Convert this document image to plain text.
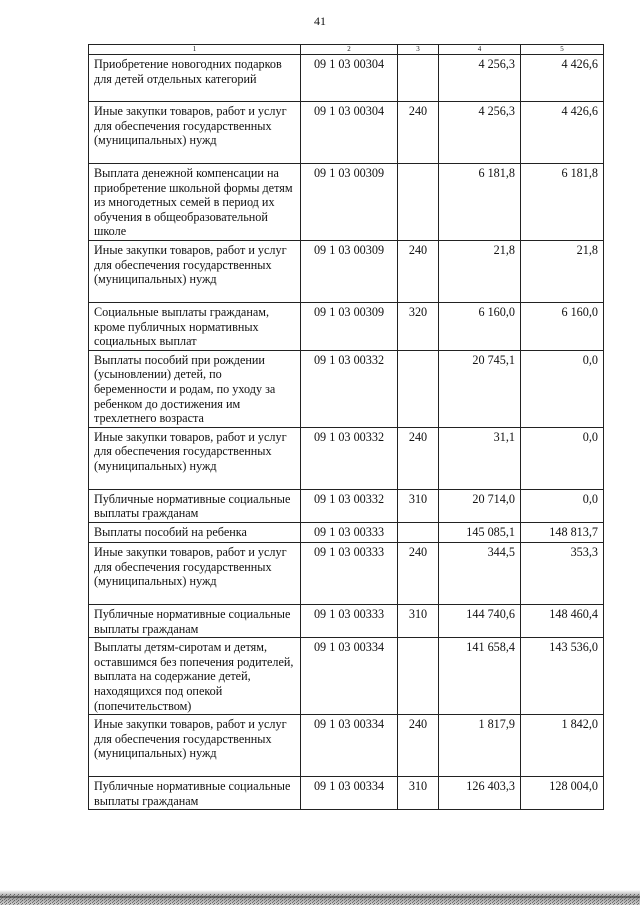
41
1	2	3	4	5
Приобретение новогодних подарков для детей отдельных категорий	09 1 03 00304		4 256,3	4 426,6
Иные закупки товаров, работ и услуг для обеспечения государственных (муниципальных) нужд	09 1 03 00304	240	4 256,3	4 426,6
Выплата денежной компенсации на приобретение школьной формы детям из многодетных семей в период их обучения в общеобразовательной школе	09 1 03 00309		6 181,8	6 181,8
Иные закупки товаров, работ и услуг для обеспечения государственных (муниципальных) нужд	09 1 03 00309	240	21,8	21,8
Социальные выплаты гражданам, кроме публичных нормативных социальных выплат	09 1 03 00309	320	6 160,0	6 160,0
Выплаты пособий при рождении (усыновлении) детей, по беременности и родам, по уходу за ребенком до достижения им трехлетнего возраста	09 1 03 00332		20 745,1	0,0
Иные закупки товаров, работ и услуг для обеспечения государственных (муниципальных) нужд	09 1 03 00332	240	31,1	0,0
Публичные нормативные социальные выплаты гражданам	09 1 03 00332	310	20 714,0	0,0
Выплаты пособий на ребенка	09 1 03 00333		145 085,1	148 813,7
Иные закупки товаров, работ и услуг для обеспечения государственных (муниципальных) нужд	09 1 03 00333	240	344,5	353,3
Публичные нормативные социальные выплаты гражданам	09 1 03 00333	310	144 740,6	148 460,4
Выплаты детям-сиротам и детям, оставшимся без попечения родителей, выплата на содержание детей, находящихся под опекой (попечительством)	09 1 03 00334		141 658,4	143 536,0
Иные закупки товаров, работ и услуг для обеспечения государственных (муниципальных) нужд	09 1 03 00334	240	1 817,9	1 842,0
Публичные нормативные социальные выплаты гражданам	09 1 03 00334	310	126 403,3	128 004,0
